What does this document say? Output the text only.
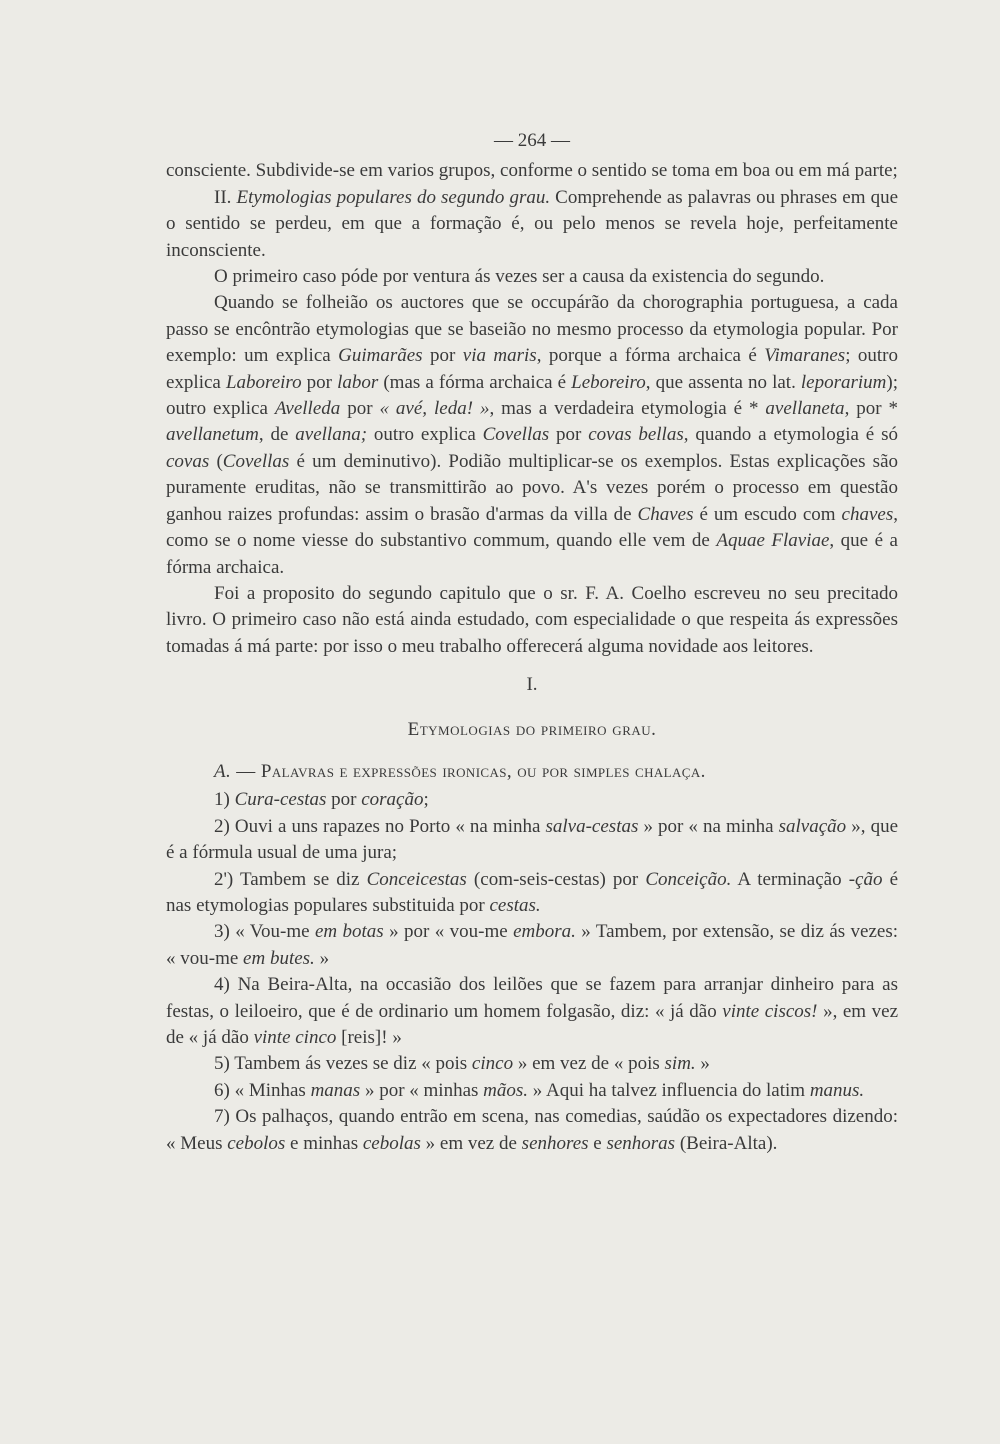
— 264 —

consciente. Subdivide-se em varios grupos, conforme o sentido se toma em boa ou em má parte;

II. Etymologias populares do segundo grau. Comprehende as palavras ou phrases em que o sentido se perdeu, em que a formação é, ou pelo menos se revela hoje, perfeitamente inconsciente.

O primeiro caso póde por ventura ás vezes ser a causa da existencia do segundo.

Quando se folheião os auctores que se occupárão da chorographia portuguesa, a cada passo se encôntrão etymologias que se baseião no mesmo processo da etymologia popular. Por exemplo: um explica Guimarães por via maris, porque a fórma archaica é Vimaranes; outro explica Laboreiro por labor (mas a fórma archaica é Leboreiro, que assenta no lat. leporarium); outro explica Avelleda por « avé, leda! », mas a verdadeira etymologia é * avellaneta, por * avellanetum, de avellana; outro explica Covellas por covas bellas, quando a etymologia é só covas (Covellas é um deminutivo). Podião multiplicar-se os exemplos. Estas explicações são puramente eruditas, não se transmittirão ao povo. A's vezes porém o processo em questão ganhou raizes profundas: assim o brasão d'armas da villa de Chaves é um escudo com chaves, como se o nome viesse do substantivo commum, quando elle vem de Aquae Flaviae, que é a fórma archaica.

Foi a proposito do segundo capitulo que o sr. F. A. Coelho escreveu no seu precitado livro. O primeiro caso não está ainda estudado, com especialidade o que respeita ás expressões tomadas á má parte: por isso o meu trabalho offerecerá alguma novidade aos leitores.

I.
Etymologias do primeiro grau.
A. — Palavras e expressões ironicas, ou por simples chalaça.

1) Cura-cestas por coração;

2) Ouvi a uns rapazes no Porto « na minha salva-cestas » por « na minha salvação », que é a fórmula usual de uma jura;

2') Tambem se diz Conceicestas (com-seis-cestas) por Conceição. A terminação -ção é nas etymologias populares substituida por cestas.

3) « Vou-me em botas » por « vou-me embora. » Tambem, por extensão, se diz ás vezes: « vou-me em butes. »

4) Na Beira-Alta, na occasião dos leilões que se fazem para arranjar dinheiro para as festas, o leiloeiro, que é de ordinario um homem folgasão, diz: « já dão vinte ciscos! », em vez de « já dão vinte cinco [reis]! »

5) Tambem ás vezes se diz « pois cinco » em vez de « pois sim. »

6) « Minhas manas » por « minhas mãos. » Aqui ha talvez influencia do latim manus.

7) Os palhaços, quando entrão em scena, nas comedias, saúdão os expectadores dizendo: « Meus cebolos e minhas cebolas » em vez de senhores e senhoras (Beira-Alta).
